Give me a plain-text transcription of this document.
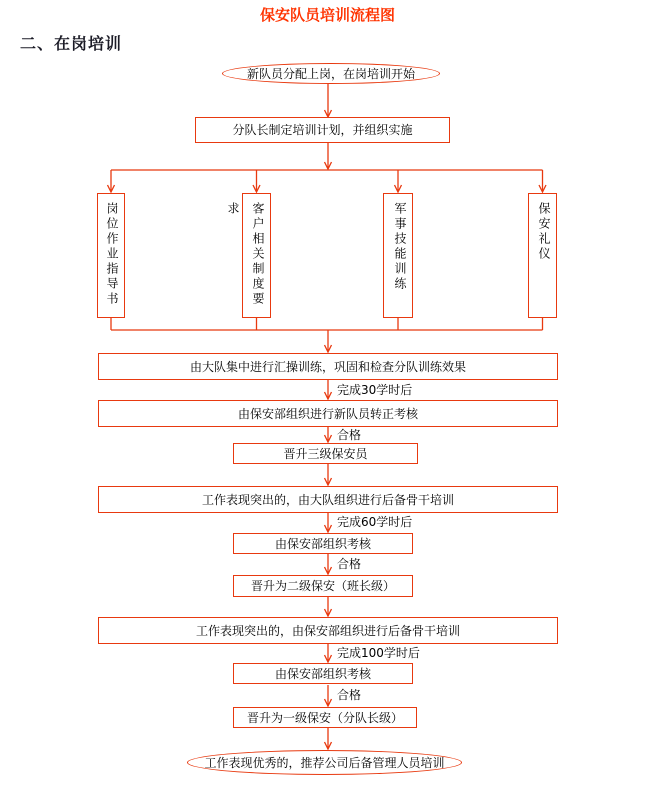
保安队员培训流程图
二、在岗培训
新队员分配上岗，在岗培训开始
分队长制定培训计划，并组织实施
岗位作业指导书	客户相关制度要求	军事技能训练	保安礼仪
由大队集中进行汇操训练，巩固和检查分队训练效果
完成30学时后
由保安部组织进行新队员转正考核
合格
晋升三级保安员
工作表现突出的，由大队组织进行后备骨干培训
完成60学时后
由保安部组织考核
合格
晋升为二级保安（班长级）
工作表现突出的，由保安部组织进行后备骨干培训
完成100学时后
由保安部组织考核
合格
晋升为一级保安（分队长级）
工作表现优秀的，推荐公司后备管理人员培训
